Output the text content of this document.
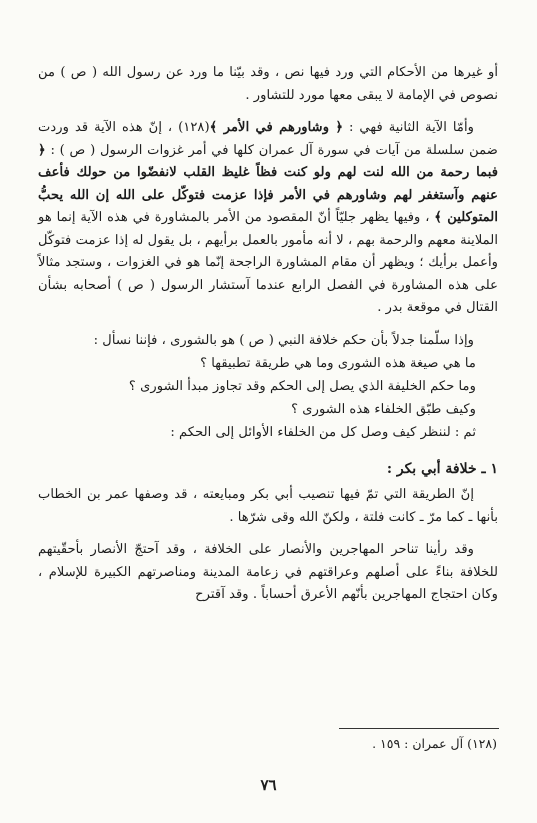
أو غيرها من الأحكام التي ورد فيها نص ، وقد بيّنا ما ورد عن رسول الله ( ص ) من نصوص في الإمامة لا يبقى معها مورد للتشاور .

وأمّا الآية الثانية فهي : ﴿ وشاورهم في الأمر ﴾(١٢٨) ، إنّ هذه الآية قد وردت ضمن سلسلة من آيات في سورة آل عمران كلها في أمر غزوات الرسول ( ص ) : ﴿ فبما رحمة من الله لنت لهم ولو كنت فظاً غليظ القلب لانفضّوا من حولك فأعف عنهم وآستغفر لهم وشاورهم في الأمر فإذا عزمت فتوكّل على الله إن الله يحبُّ المتوكلين ﴾ ، وفيها يظهر جليّاً أنّ المقصود من الأمر بالمشاورة في هذه الآية إنما هو الملاينة معهم والرحمة بهم ، لا أنه مأمور بالعمل برأيهم ، بل يقول له إذا عزمت فتوكّل وأعمل برأيك ؛ ويظهر أن مقام المشاورة الراجحة إنّما هو في الغزوات ، وستجد مثالاً على هذه المشاورة في الفصل الرابع عندما آستشار الرسول ( ص ) أصحابه بشأن القتال في موقعة بدر .

وإذا سلّمنا جدلاً بأن حكم خلافة النبي ( ص ) هو بالشورى ، فإننا نسأل :

ما هي صيغة هذه الشورى وما هي طريقة تطبيقها ؟
وما حكم الخليفة الذي يصل إلى الحكم وقد تجاوز مبدأ الشورى ؟
وكيف طبّق الخلفاء هذه الشورى ؟
ثم : لننظر كيف وصل كل من الخلفاء الأوائل إلى الحكم :
١ ـ خلافة أبي بكر :

إنّ الطريقة التي تمّ فيها تنصيب أبي بكر ومبايعته ، قد وصفها عمر بن الخطاب بأنها ـ كما مرّ ـ كانت فلتة ، ولكنّ الله وقى شرّها .

وقد رأينا تناحر المهاجرين والأنصار على الخلافة ، وقد آحتجّ الأنصار بأحقّيتهم للخلافة بناءً على أصلهم وعراقتهم في زعامة المدينة ومناصرتهم الكبيرة للإسلام ، وكان احتجاج المهاجرين بأنّهم الأعرق أحساباً . وقد آقترح

(١٢٨) آل عمران : ١٥٩ .
٧٦
